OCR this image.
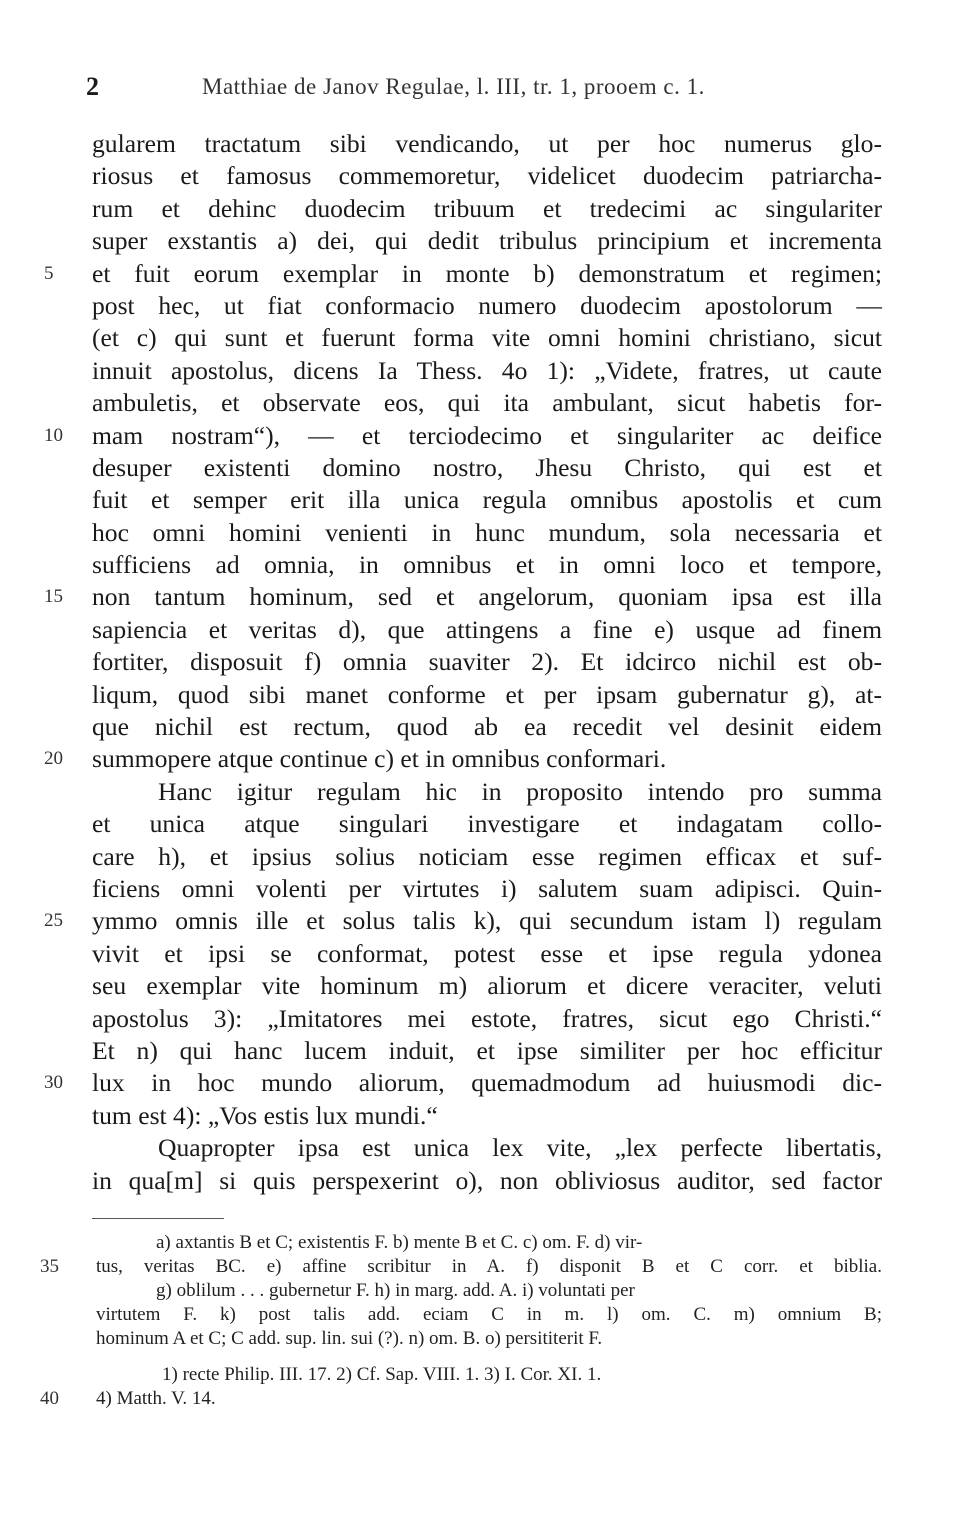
2	Matthiae de Janov Regulae, l. III, tr. 1, prooem c. 1.
gularem tractatum sibi vendicando, ut per hoc numerus glo-
riosus et famosus commemoretur, videlicet duodecim patriarcha-
rum et dehinc duodecim tribuum et tredecimi ac singulariter
super exstantis a) dei, qui dedit tribulus principium et incrementa
5	et fuit eorum exemplar in monte b) demonstratum et regimen;
post hec, ut fiat conformacio numero duodecim apostolorum —
(et c) qui sunt et fuerunt forma vite omni homini christiano, sicut
innuit apostolus, dicens Ia Thess. 4o 1): „Videte, fratres, ut caute
ambuletis, et observate eos, qui ita ambulant, sicut habetis for-
10	mam nostram“), — et terciodecimo et singulariter ac deifice
desuper existenti domino nostro, Jhesu Christo, qui est et
fuit et semper erit illa unica regula omnibus apostolis et cum
hoc omni homini venienti in hunc mundum, sola necessaria et
sufficiens ad omnia, in omnibus et in omni loco et tempore,
15	non tantum hominum, sed et angelorum, quoniam ipsa est illa
sapiencia et veritas d), que attingens a fine e) usque ad finem
fortiter, disposuit f) omnia suaviter 2). Et idcirco nichil est ob-
liqum, quod sibi manet conforme et per ipsam gubernatur g), at-
que nichil est rectum, quod ab ea recedit vel desinit eidem
20	summopere atque continue c) et in omnibus conformari.
Hanc igitur regulam hic in proposito intendo pro summa
et unica atque singulari investigare et indagatam collo-
care h), et ipsius solius noticiam esse regimen efficax et suf-
ficiens omni volenti per virtutes i) salutem suam adipisci. Quin-
25	ymmo omnis ille et solus talis k), qui secundum istam l) regulam
vivit et ipsi se conformat, potest esse et ipse regula ydonea
seu exemplar vite hominum m) aliorum et dicere veraciter, veluti
apostolus 3): „Imitatores mei estote, fratres, sicut ego Christi.“
Et n) qui hanc lucem induit, et ipse similiter per hoc efficitur
30	lux in hoc mundo aliorum, quemadmodum ad huiusmodi dic-
tum est 4): „Vos estis lux mundi.“
Quapropter ipsa est unica lex vite, „lex perfecte libertatis,
in qua[m] si quis perspexerint o), non obliviosus auditor, sed factor
a) axtantis B et C; existentis F. b) mente B et C. c) om. F. d) vir-
35	tus, veritas BC. e) affine scribitur in A. f) disponit B et C corr. et biblia.
g) oblilum . . . gubernetur F. h) in marg. add. A. i) voluntati per
virtutem F. k) post talis add. eciam C in m. l) om. C. m) omnium B;
hominum A et C; C add. sup. lin. sui (?). n) om. B. o) persititerit F.
1) recte Philip. III. 17. 2) Cf. Sap. VIII. 1. 3) I. Cor. XI. 1.
40	4) Matth. V. 14.
